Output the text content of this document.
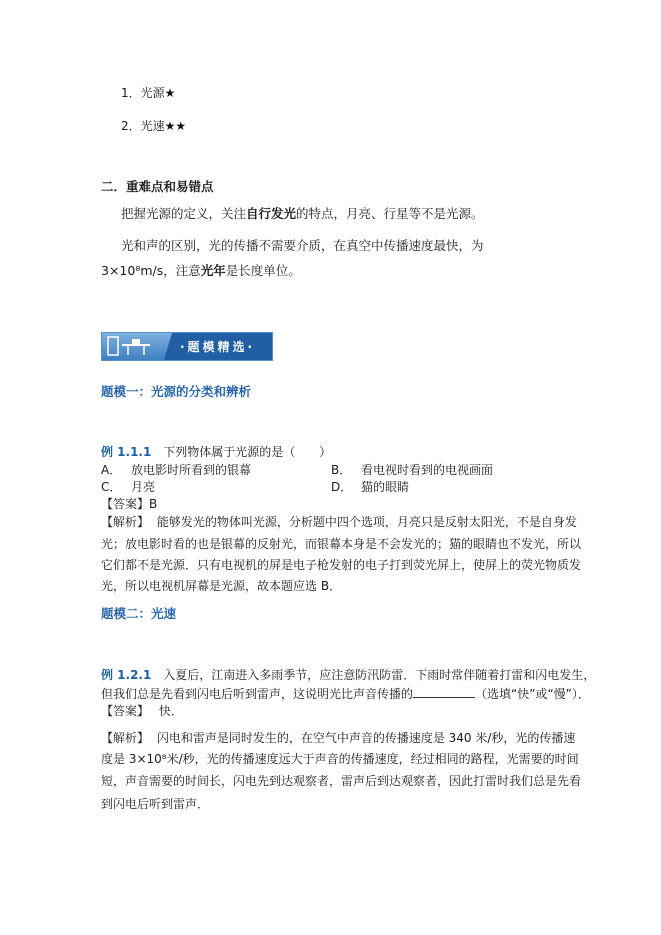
1．光源★
2．光速★★
二．重难点和易错点
把握光源的定义，关注自行发光的特点，月亮、行星等不是光源。
光和声的区别，光的传播不需要介质，在真空中传播速度最快，为 3×10⁸m/s，注意光年是长度单位。
·题模精选·
题模一：光源的分类和辨析
例 1.1.1 下列物体属于光源的是（　　）
A． 放电影时所看到的银幕	B． 看电视时看到的电视画面
C． 月亮	D． 猫的眼睛
【答案】B
【解析】 能够发光的物体叫光源，分析题中四个选项，月亮只是反射太阳光，不是自身发
光；放电影时看的也是银幕的反射光，而银幕本身是不会发光的；猫的眼睛也不发光，所以
它们都不是光源．只有电视机的屏是电子枪发射的电子打到荧光屏上，使屏上的荧光物质发
光，所以电视机屏幕是光源，故本题应选 B．
题模二：光速
例 1.2.1 入夏后，江南进入多雨季节，应注意防汛防雷．下雨时常伴随着打雷和闪电发生，
但我们总是先看到闪电后听到雷声，这说明光比声音传播的	（选填“快”或“慢”）．
【答案】 快．
【解析】 闪电和雷声是同时发生的，在空气中声音的传播速度是 340 米/秒，光的传播速
度是 3×10⁸米/秒，光的传播速度远大于声音的传播速度，经过相同的路程，光需要的时间
短，声音需要的时间长，闪电先到达观察者，雷声后到达观察者，因此打雷时我们总是先看
到闪电后听到雷声．
